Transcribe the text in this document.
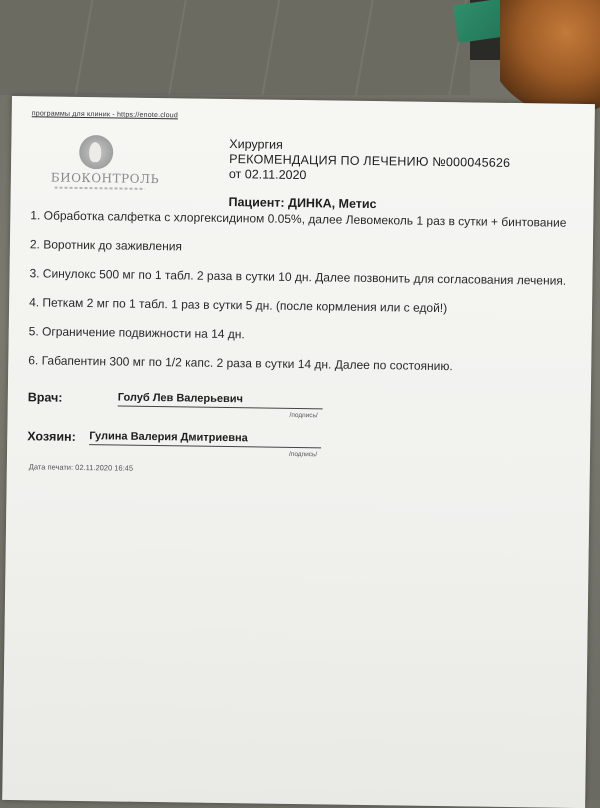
программы для клиник - https://enote.cloud
БИОКОНТРОЛЬ
Хирургия
РЕКОМЕНДАЦИЯ ПО ЛЕЧЕНИЮ №000045626
от 02.11.2020
Пациент: ДИНКА, Метис
1. Обработка салфетка с хлоргексидином 0.05%, далее Левомеколь 1 раз в сутки + бинтование
2. Воротник до заживления
3. Синулокс 500 мг по 1 табл. 2 раза в сутки 10 дн. Далее позвонить для согласования лечения.
4. Петкам 2 мг по 1 табл. 1 раз в сутки 5 дн. (после кормления или с едой!)
5. Ограничение подвижности на 14 дн.
6. Габапентин 300 мг по 1/2 капс. 2 раза в сутки 14 дн. Далее по состоянию.
Врач:	Голуб Лев Валерьевич
/подпись/
Хозяин: Гулина Валерия Дмитриевна
/подпись/
Дата печати: 02.11.2020 16:45
